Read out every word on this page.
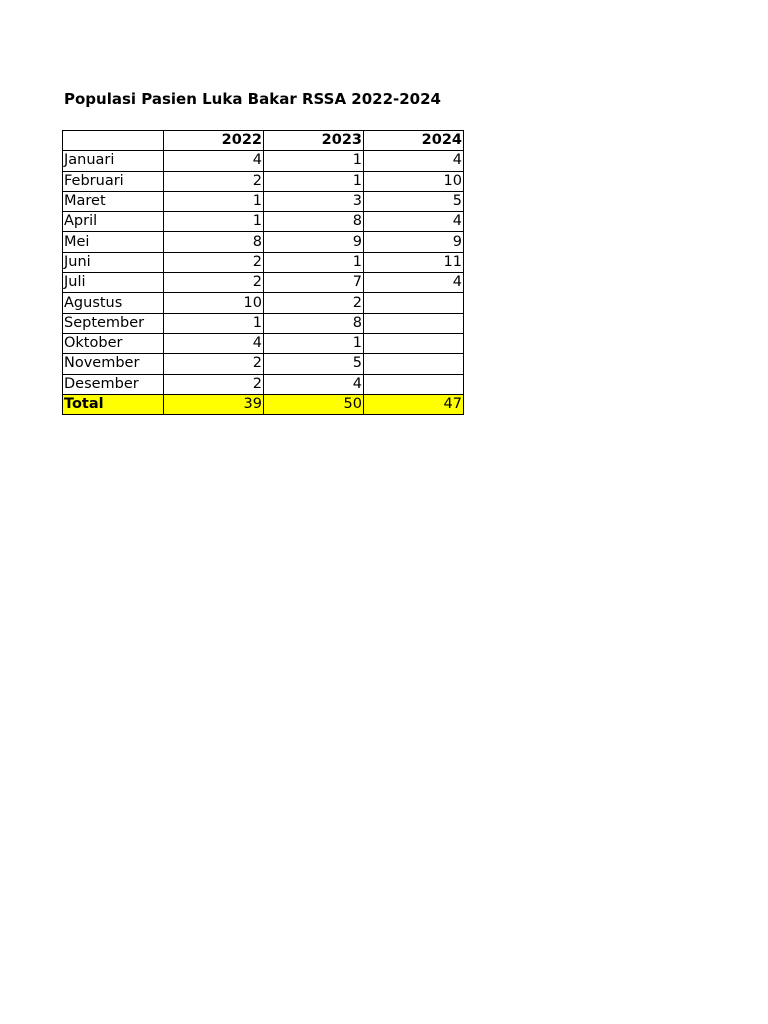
Populasi Pasien Luka Bakar RSSA 2022-2024
	2022	2023	2024
Januari	4	1	4
Februari	2	1	10
Maret	1	3	5
April	1	8	4
Mei	8	9	9
Juni	2	1	11
Juli	2	7	4
Agustus	10	2	
September	1	8	
Oktober	4	1	
November	2	5	
Desember	2	4	
Total	39	50	47
